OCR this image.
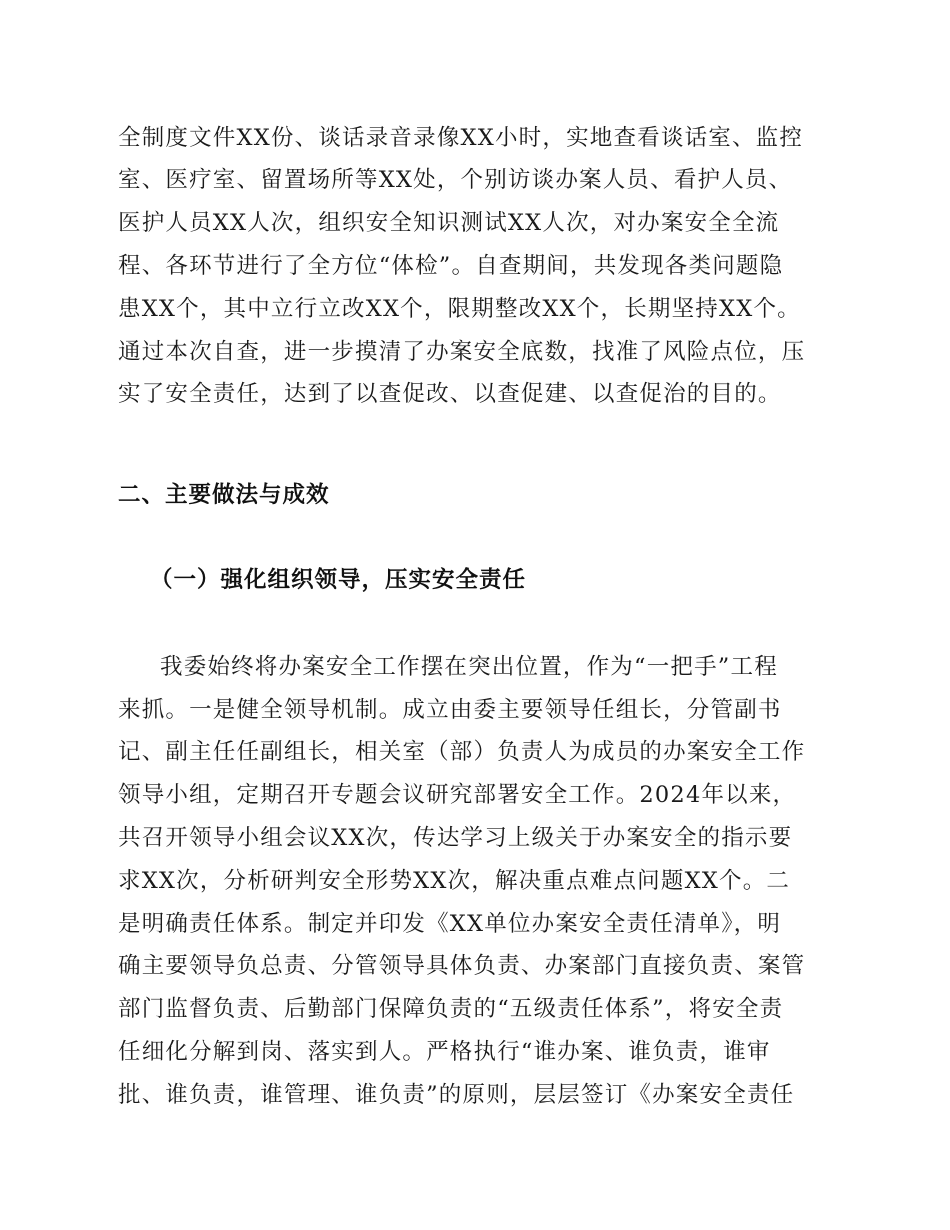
全制度文件XX份、谈话录音录像XX小时，实地查看谈话室、监控
室、医疗室、留置场所等XX处，个别访谈办案人员、看护人员、
医护人员XX人次，组织安全知识测试XX人次，对办案安全全流
程、各环节进行了全方位“体检”。自查期间，共发现各类问题隐
患XX个，其中立行立改XX个，限期整改XX个，长期坚持XX个。
通过本次自查，进一步摸清了办案安全底数，找准了风险点位，压
实了安全责任，达到了以查促改、以查促建、以查促治的目的。
二、主要做法与成效
（一）强化组织领导，压实安全责任
我委始终将办案安全工作摆在突出位置，作为“一把手”工程
来抓。一是健全领导机制。成立由委主要领导任组长，分管副书
记、副主任任副组长，相关室（部）负责人为成员的办案安全工作
领导小组，定期召开专题会议研究部署安全工作。2024年以来，
共召开领导小组会议XX次，传达学习上级关于办案安全的指示要
求XX次，分析研判安全形势XX次，解决重点难点问题XX个。二
是明确责任体系。制定并印发《XX单位办案安全责任清单》，明
确主要领导负总责、分管领导具体负责、办案部门直接负责、案管
部门监督负责、后勤部门保障负责的“五级责任体系”，将安全责
任细化分解到岗、落实到人。严格执行“谁办案、谁负责，谁审
批、谁负责，谁管理、谁负责”的原则，层层签订《办案安全责任
